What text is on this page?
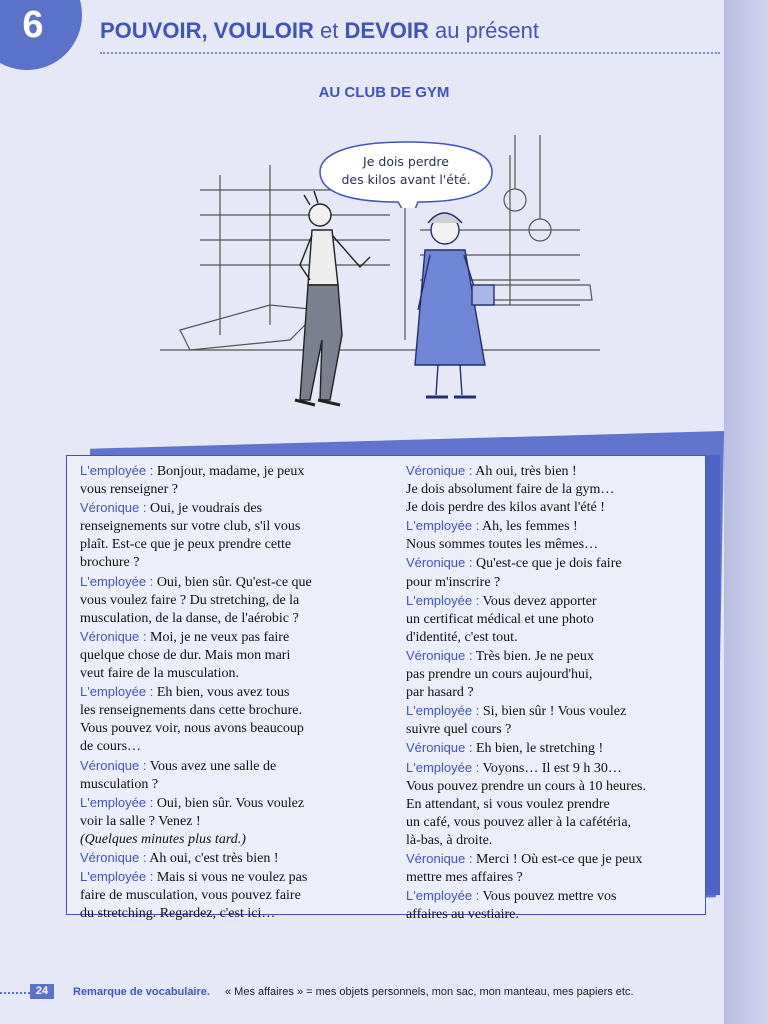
6	POUVOIR, VOULOIR et DEVOIR au présent
AU CLUB DE GYM
Je dois perdre
des kilos avant l'été.
L'employée : Bonjour, madame, je peux
vous renseigner ?
Véronique : Oui, je voudrais des
renseignements sur votre club, s'il vous
plaît. Est-ce que je peux prendre cette
brochure ?
L'employée : Oui, bien sûr. Qu'est-ce que
vous voulez faire ? Du stretching, de la
musculation, de la danse, de l'aérobic ?
Véronique : Moi, je ne veux pas faire
quelque chose de dur. Mais mon mari
veut faire de la musculation.
L'employée : Eh bien, vous avez tous
les renseignements dans cette brochure.
Vous pouvez voir, nous avons beaucoup
de cours…
Véronique : Vous avez une salle de
musculation ?
L'employée : Oui, bien sûr. Vous voulez
voir la salle ? Venez !
(Quelques minutes plus tard.)
Véronique : Ah oui, c'est très bien !
L'employée : Mais si vous ne voulez pas
faire de musculation, vous pouvez faire
du stretching. Regardez, c'est ici…
Véronique : Ah oui, très bien !
Je dois absolument faire de la gym…
Je dois perdre des kilos avant l'été !
L'employée : Ah, les femmes !
Nous sommes toutes les mêmes…
Véronique : Qu'est-ce que je dois faire
pour m'inscrire ?
L'employée : Vous devez apporter
un certificat médical et une photo
d'identité, c'est tout.
Véronique : Très bien. Je ne peux
pas prendre un cours aujourd'hui,
par hasard ?
L'employée : Si, bien sûr ! Vous voulez
suivre quel cours ?
Véronique : Eh bien, le stretching !
L'employée : Voyons… Il est 9 h 30…
Vous pouvez prendre un cours à 10 heures.
En attendant, si vous voulez prendre
un café, vous pouvez aller à la cafétéria,
là-bas, à droite.
Véronique : Merci ! Où est-ce que je peux
mettre mes affaires ?
L'employée : Vous pouvez mettre vos
affaires au vestiaire.
24	Remarque de vocabulaire. « Mes affaires » = mes objets personnels, mon sac, mon manteau, mes papiers etc.
